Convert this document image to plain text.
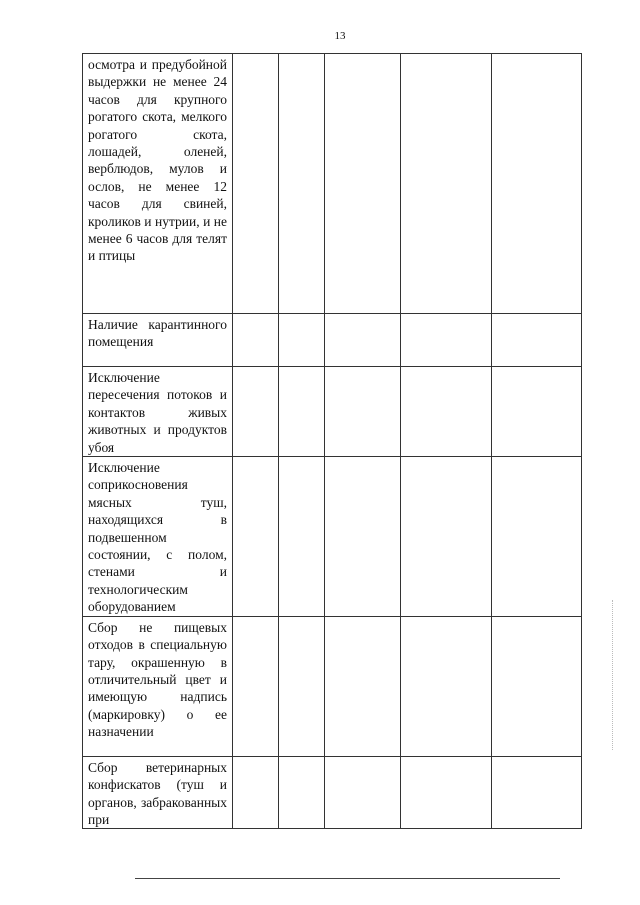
13
осмотра и предубойной выдержки не менее 24 часов для крупного рогатого скота, мелкого рогатого скота, лошадей, оленей, верблюдов, мулов и ослов, не менее 12 часов для свиней, кроликов и нутрии, и не менее 6 часов для телят и птицы					
Наличие карантинного помещения					
Исключение пересечения потоков и контактов живых животных и продуктов убоя					
Исключение соприкосновения мясных туш, находящихся в подвешенном состоянии, с полом, стенами и технологическим оборудованием					
Сбор не пищевых отходов в специальную тару, окрашенную в отличительный цвет и имеющую надпись (маркировку) о ее назначении					
Сбор ветеринарных конфискатов (туш и органов, забракованных при					
